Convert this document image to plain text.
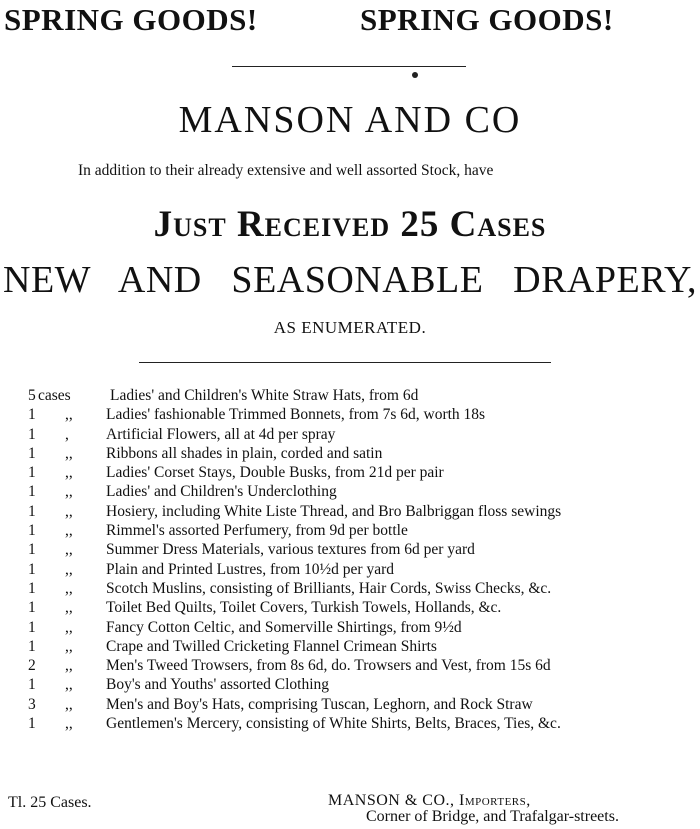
SPRING GOODS!	SPRING GOODS!
MANSON AND CO
In addition to their already extensive and well assorted Stock, have
Just Received 25 Cases
NEW AND SEASONABLE DRAPERY,
AS ENUMERATED.
5 cases	Ladies' and Children's White Straw Hats, from 6d
1	,, Ladies' fashionable Trimmed Bonnets, from 7s 6d, worth 18s
1	, Artificial Flowers, all at 4d per spray
1	,, Ribbons all shades in plain, corded and satin
1	,, Ladies' Corset Stays, Double Busks, from 21d per pair
1	,, Ladies' and Children's Underclothing
1	,, Hosiery, including White Liste Thread, and Bro Balbriggan floss sewings
1	,, Rimmel's assorted Perfumery, from 9d per bottle
1	,, Summer Dress Materials, various textures from 6d per yard
1	,, Plain and Printed Lustres, from 10½d per yard
1	,, Scotch Muslins, consisting of Brilliants, Hair Cords, Swiss Checks, &c.
1	,, Toilet Bed Quilts, Toilet Covers, Turkish Towels, Hollands, &c.
1	,, Fancy Cotton Celtic, and Somerville Shirtings, from 9½d
1	,, Crape and Twilled Cricketing Flannel Crimean Shirts
2	,, Men's Tweed Trowsers, from 8s 6d, do. Trowsers and Vest, from 15s 6d
1	,, Boy's and Youths' assorted Clothing
3	,, Men's and Boy's Hats, comprising Tuscan, Leghorn, and Rock Straw
1	,, Gentlemen's Mercery, consisting of White Shirts, Belts, Braces, Ties, &c.
Tl. 25 Cases.	MANSON & CO., Importers,
Corner of Bridge, and Trafalgar-streets.
